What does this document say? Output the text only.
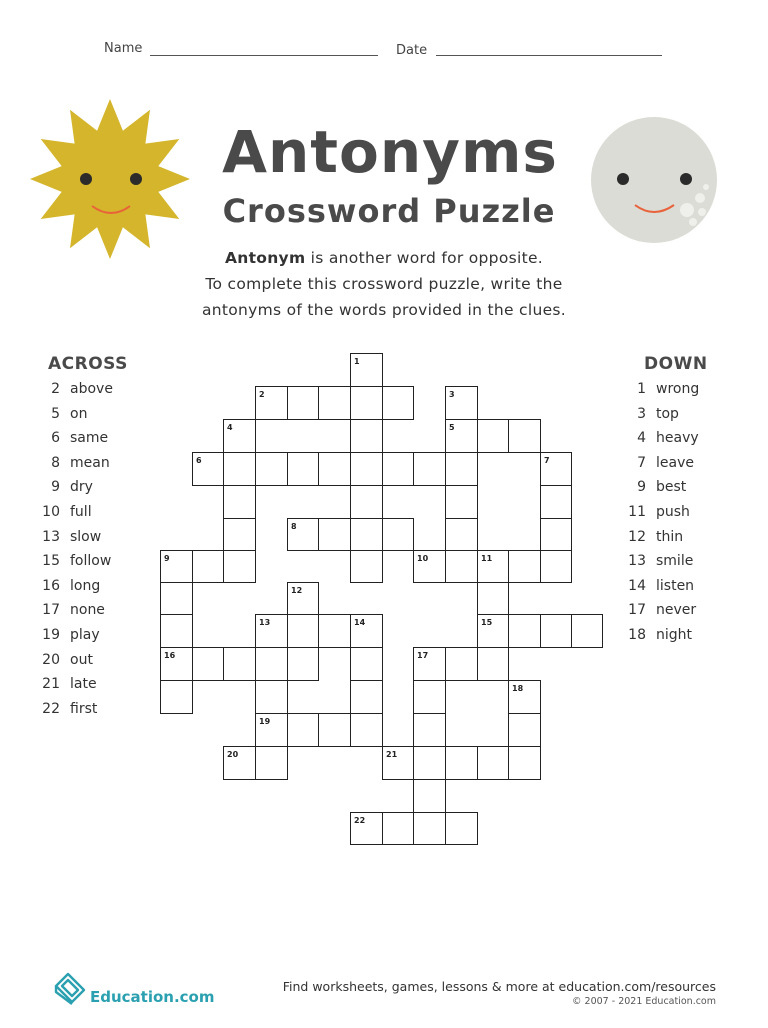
Name	Date
Antonyms
Crossword Puzzle

Antonym is another word for opposite.

To complete this crossword puzzle, write the

antonyms of the words provided in the clues.

ACROSS
2 above
5 on
6 same
8 mean
9 dry
10 full
13 slow
15 follow
16 long
17 none
19 play
20 out
21 late
22 first
DOWN
1 wrong
3 top
4 heavy
7 leave
9 best
11 push
12 thin
13 smile
14 listen
17 never
18 night
1
2	3
4	5
6	7
8
9	10	11
12
13	14	15
16	17
18
19
20	21
22
Education.com
Find worksheets, games, lessons & more at education.com/resources
© 2007 - 2021 Education.com
